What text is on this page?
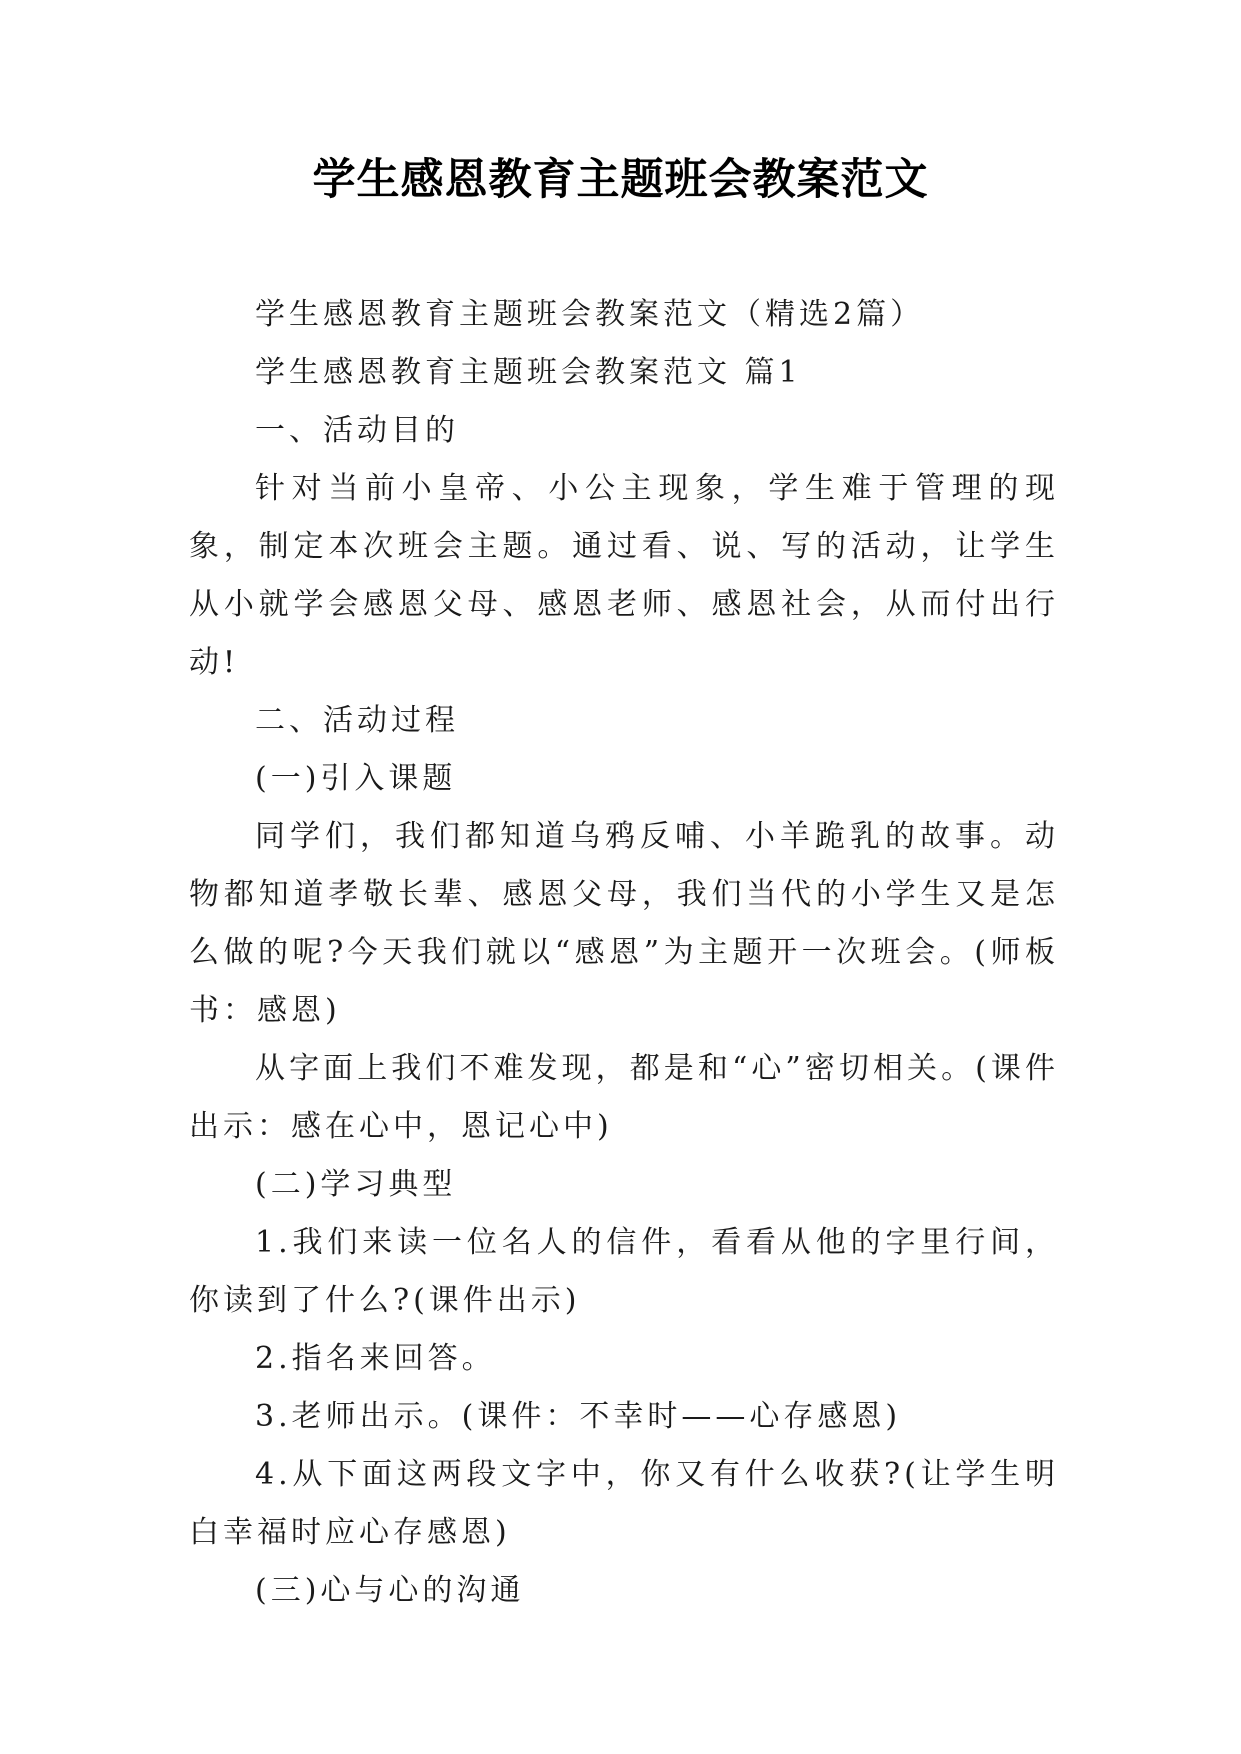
学生感恩教育主题班会教案范文

学生感恩教育主题班会教案范文（精选2篇）

学生感恩教育主题班会教案范文 篇1

一、活动目的

针对当前小皇帝、小公主现象，学生难于管理的现象，制定本次班会主题。通过看、说、写的活动，让学生从小就学会感恩父母、感恩老师、感恩社会，从而付出行动!

二、活动过程

(一)引入课题

同学们，我们都知道乌鸦反哺、小羊跪乳的故事。动物都知道孝敬长辈、感恩父母，我们当代的小学生又是怎么做的呢?今天我们就以“感恩”为主题开一次班会。(师板书：感恩)

从字面上我们不难发现，都是和“心”密切相关。(课件出示：感在心中，恩记心中)

(二)学习典型

1.我们来读一位名人的信件，看看从他的字里行间，你读到了什么?(课件出示)

2.指名来回答。

3.老师出示。(课件：不幸时——心存感恩)

4.从下面这两段文字中，你又有什么收获?(让学生明白幸福时应心存感恩)

(三)心与心的沟通
